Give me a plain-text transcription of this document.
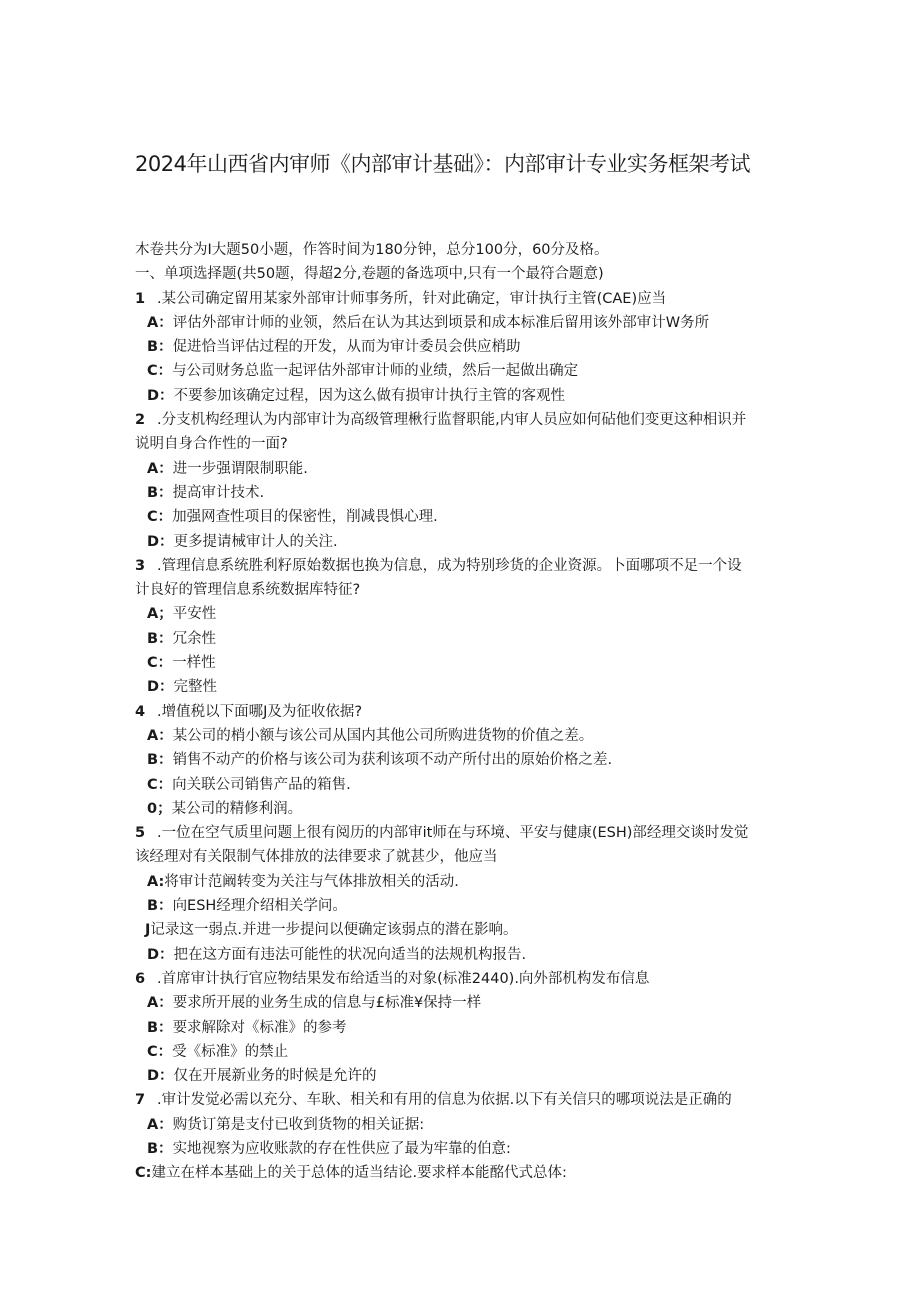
2024年山西省内审师《内部审计基础》：内部审计专业实务框架考试
木卷共分为I大题50小题，作答时间为180分钟，总分100分，60分及格。
一、单项选择题(共50题，得超2分,卷题的备选项中,只有一个最符合题意)
1 .某公司确定留用某家外部审计师事务所，针对此确定，审计执行主管(CAE)应当
A：评估外部审计师的业领，然后在认为其达到顷景和成本标准后留用该外部审计W务所
B：促进恰当评估过程的开发，从而为审计委员会供应梢助
C：与公司财务总监一起评估外部审计师的业绩，然后一起做出确定
D：不要参加该确定过程，因为这么做有损审计执行主管的客观性
2 .分支机构经理认为内部审计为高级管理楸行监督职能,内审人员应如何砧他们变更这种相识并
说明自身合作性的一面?
A：进一步强谓限制职能.
B：提高审计技术.
C：加强网查性项目的保密性，削减畏惧心理.
D：更多提请械审计人的关注.
3 .管理信息系统胜利籽原始数据也换为信息，成为特别珍货的企业资源。卜面哪项不足一个设
计良好的管理信息系统数据库特征?
A；平安性
B：冗余性
C：一样性
D：完整性
4 .增值税以下面哪J及为征收依据?
A：某公司的梢小额与该公司从国内其他公司所购进货物的价值之差。
B：销售不动产的价格与该公司为获利该项不动产所付出的原始价格之差.
C：向关联公司销售产品的箱售.
0；某公司的精修利润。
5 .一位在空气质里问题上很有阅历的内部审it师在与环境、平安与健康(ESH)部经理交谈时发觉
该经理对有关限制气体排放的法律要求了就甚少，他应当
A:将审计范阚转变为关注与气体排放相关的活动.
B：向ESH经理介绍相关学问。
J记录这一弱点.并进一步提问以便确定该弱点的潜在影响。
D：把在这方面有违法可能性的状况向适当的法规机构报告.
6 .首席审计执行官应物结果发布给适当的对象(标准2440).向外部机构发布信息
A：要求所开展的业务生成的信息与£标准¥保持一样
B：要求解除对《标准》的参考
C：受《标准》的禁止
D：仅在开展新业务的时候是允许的
7 .审计发觉必需以充分、车耿、相关和有用的信息为依据.以下有关信只的哪项说法是正确的
A：购货订第是支付已收到货物的相关证据:
B：实地视察为应收账款的存在性供应了最为牢靠的伯意:
C:建立在样本基础上的关于总体的适当结论.要求样本能酩代式总体:
